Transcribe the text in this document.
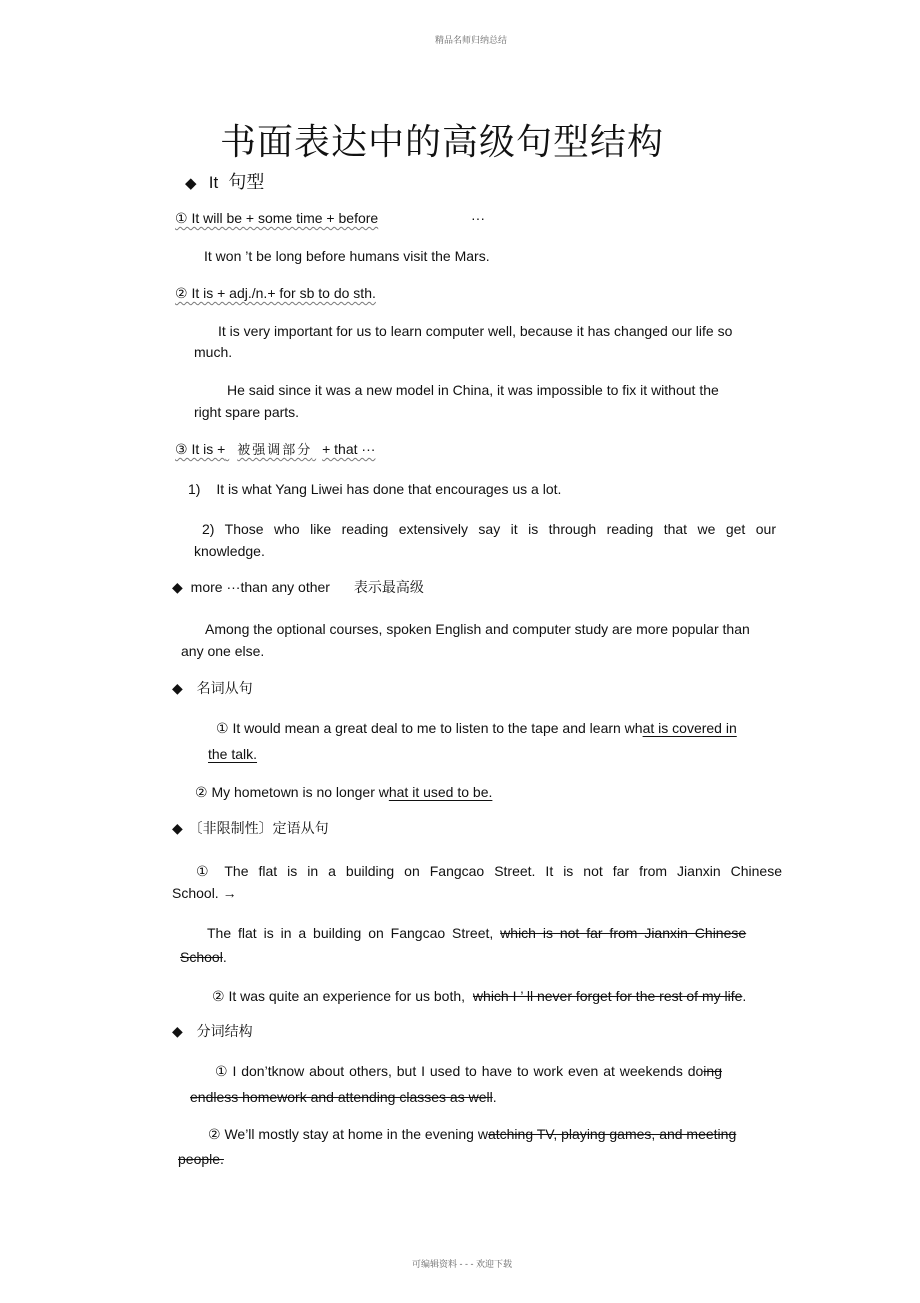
精品名师归纳总结
可编辑资料 - - - 欢迎下载
书面表达中的高级句型结构
◆ It 句型
① It will be + some time + before	···
It won ’t be long before humans visit the Mars.
② It is + adj./n.+ for sb to do sth.
It is very important for us to learn computer well, because it has changed our life so
much.
He said since it was a new model in China, it was impossible to fix it without the
right spare parts.
③ It is + 被强调部分 + that ···
1) It is what Yang Liwei has done that encourages us a lot.
2) Those who like reading extensively say it is through reading that we get our
knowledge.
◆ more ···than any other 表示最高级
Among the optional courses, spoken English and computer study are more popular than
any one else.
◆ 名词从句
① It would mean a great deal to me to listen to the tape and learn what is covered in
the talk.
② My hometown is no longer what it used to be.
◆ 〔非限制性〕定语从句
① The flat is in a building on Fangcao Street. It is not far from Jianxin Chinese
School. →
The flat is in a building on Fangcao Street, which is not far from Jianxin Chinese
School.
② It was quite an experience for us both, which I ’ ll never forget for the rest of my life.
◆ 分词结构
① I don’tknow about others, but I used to have to work even at weekends doing
endless homework and attending classes as well.
② We’ll mostly stay at home in the evening watching TV, playing games, and meeting
people.
